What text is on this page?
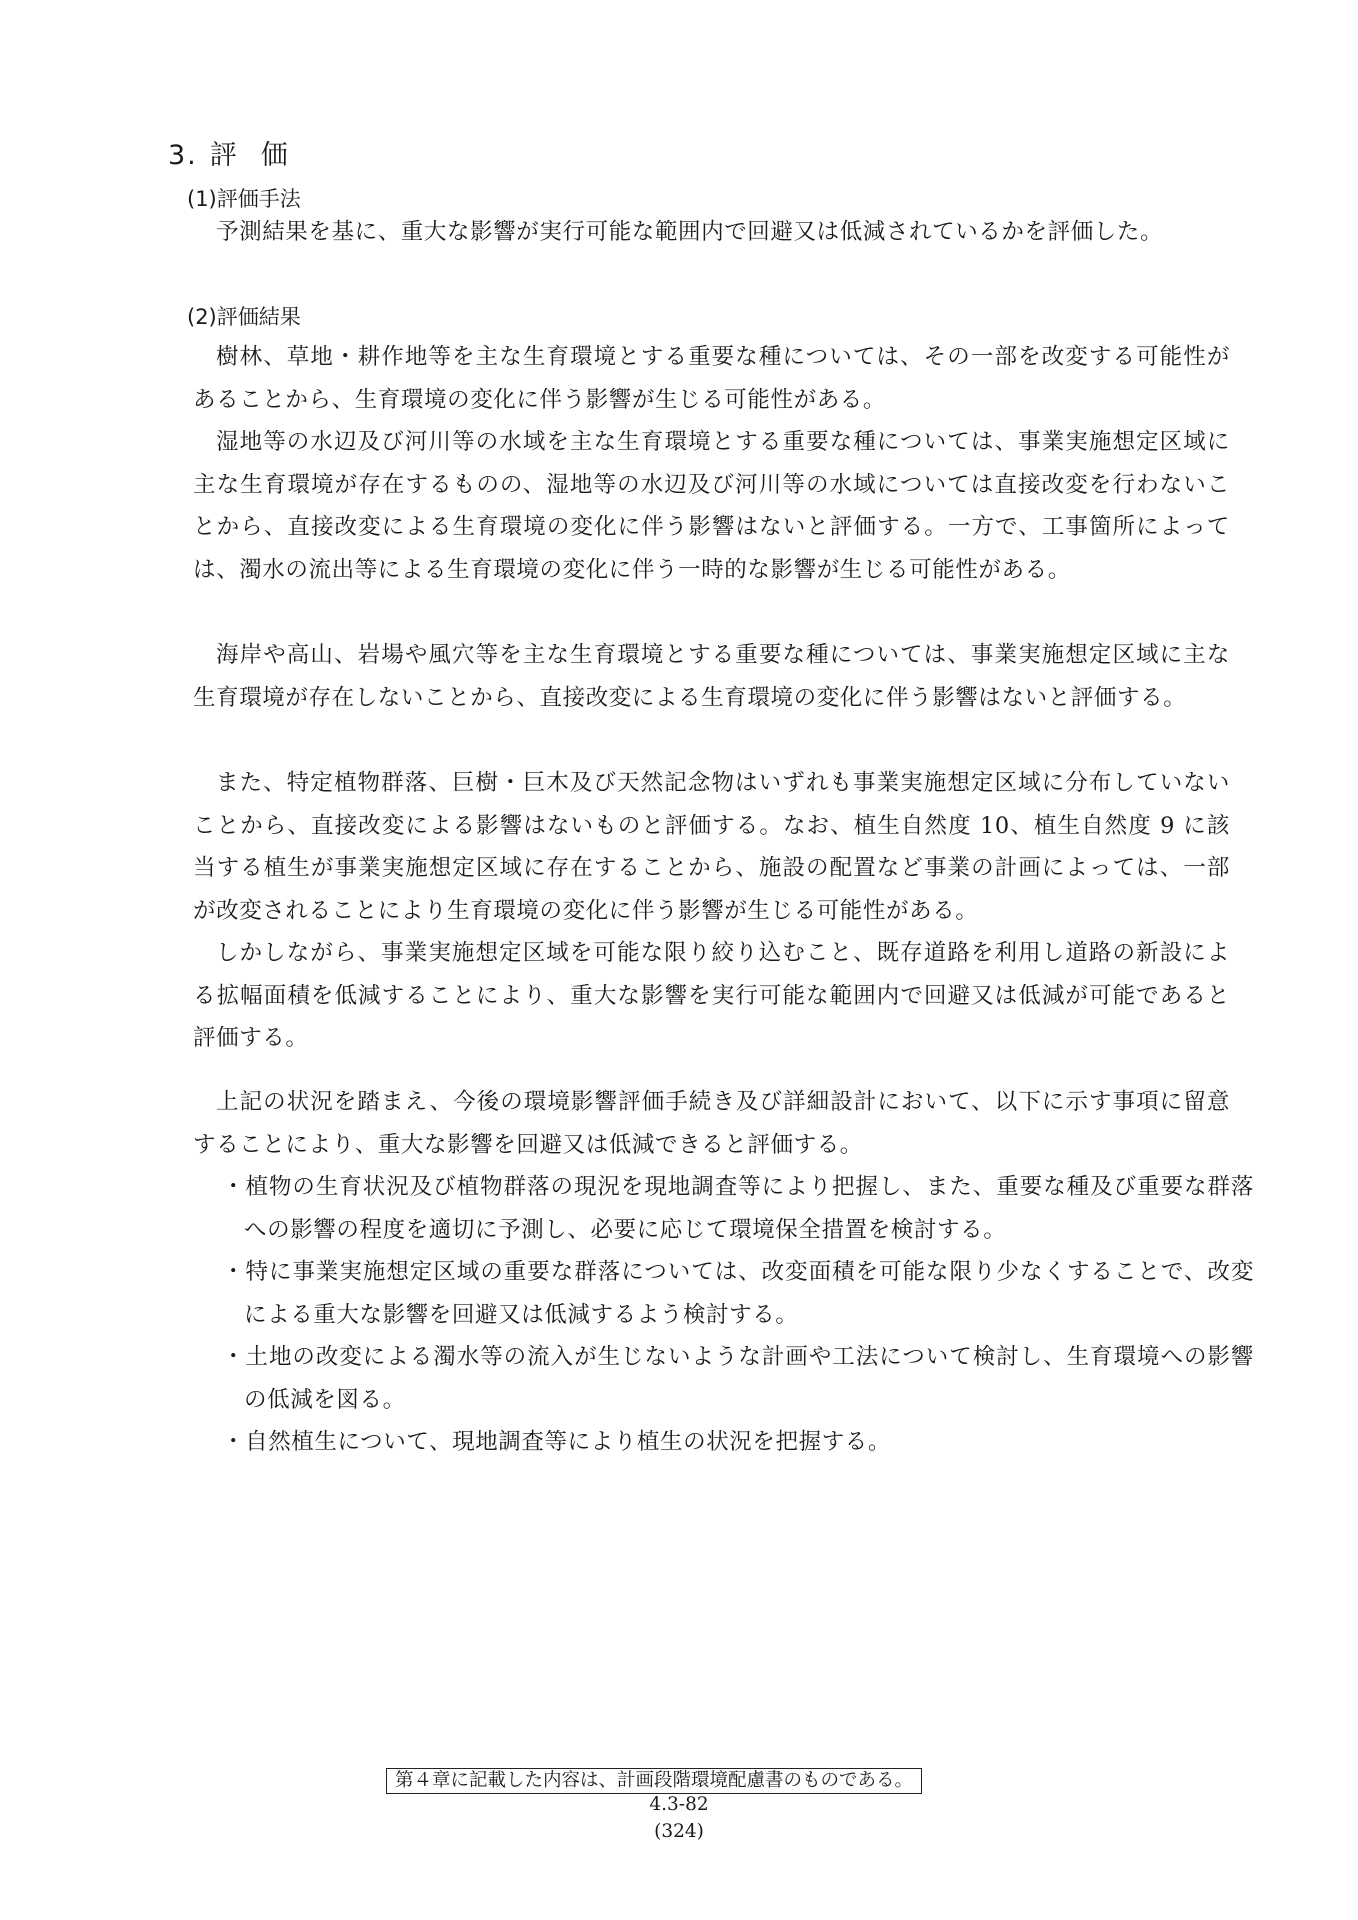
3. 評 価
(1)評価手法
予測結果を基に、重大な影響が実行可能な範囲内で回避又は低減されているかを評価した。
(2)評価結果
樹林、草地・耕作地等を主な生育環境とする重要な種については、その一部を改変する可能性があることから、生育環境の変化に伴う影響が生じる可能性がある。
湿地等の水辺及び河川等の水域を主な生育環境とする重要な種については、事業実施想定区域に主な生育環境が存在するものの、湿地等の水辺及び河川等の水域については直接改変を行わないことから、直接改変による生育環境の変化に伴う影響はないと評価する。一方で、工事箇所によっては、濁水の流出等による生育環境の変化に伴う一時的な影響が生じる可能性がある。
海岸や高山、岩場や風穴等を主な生育環境とする重要な種については、事業実施想定区域に主な生育環境が存在しないことから、直接改変による生育環境の変化に伴う影響はないと評価する。
また、特定植物群落、巨樹・巨木及び天然記念物はいずれも事業実施想定区域に分布していないことから、直接改変による影響はないものと評価する。なお、植生自然度 10、植生自然度 9 に該当する植生が事業実施想定区域に存在することから、施設の配置など事業の計画によっては、一部が改変されることにより生育環境の変化に伴う影響が生じる可能性がある。
しかしながら、事業実施想定区域を可能な限り絞り込むこと、既存道路を利用し道路の新設による拡幅面積を低減することにより、重大な影響を実行可能な範囲内で回避又は低減が可能であると評価する。
上記の状況を踏まえ、今後の環境影響評価手続き及び詳細設計において、以下に示す事項に留意することにより、重大な影響を回避又は低減できると評価する。
・植物の生育状況及び植物群落の現況を現地調査等により把握し、また、重要な種及び重要な群落への影響の程度を適切に予測し、必要に応じて環境保全措置を検討する。
・特に事業実施想定区域の重要な群落については、改変面積を可能な限り少なくすることで、改変による重大な影響を回避又は低減するよう検討する。
・土地の改変による濁水等の流入が生じないような計画や工法について検討し、生育環境への影響の低減を図る。
・自然植生について、現地調査等により植生の状況を把握する。
第４章に記載した内容は、計画段階環境配慮書のものである。
4.3-82
(324)
